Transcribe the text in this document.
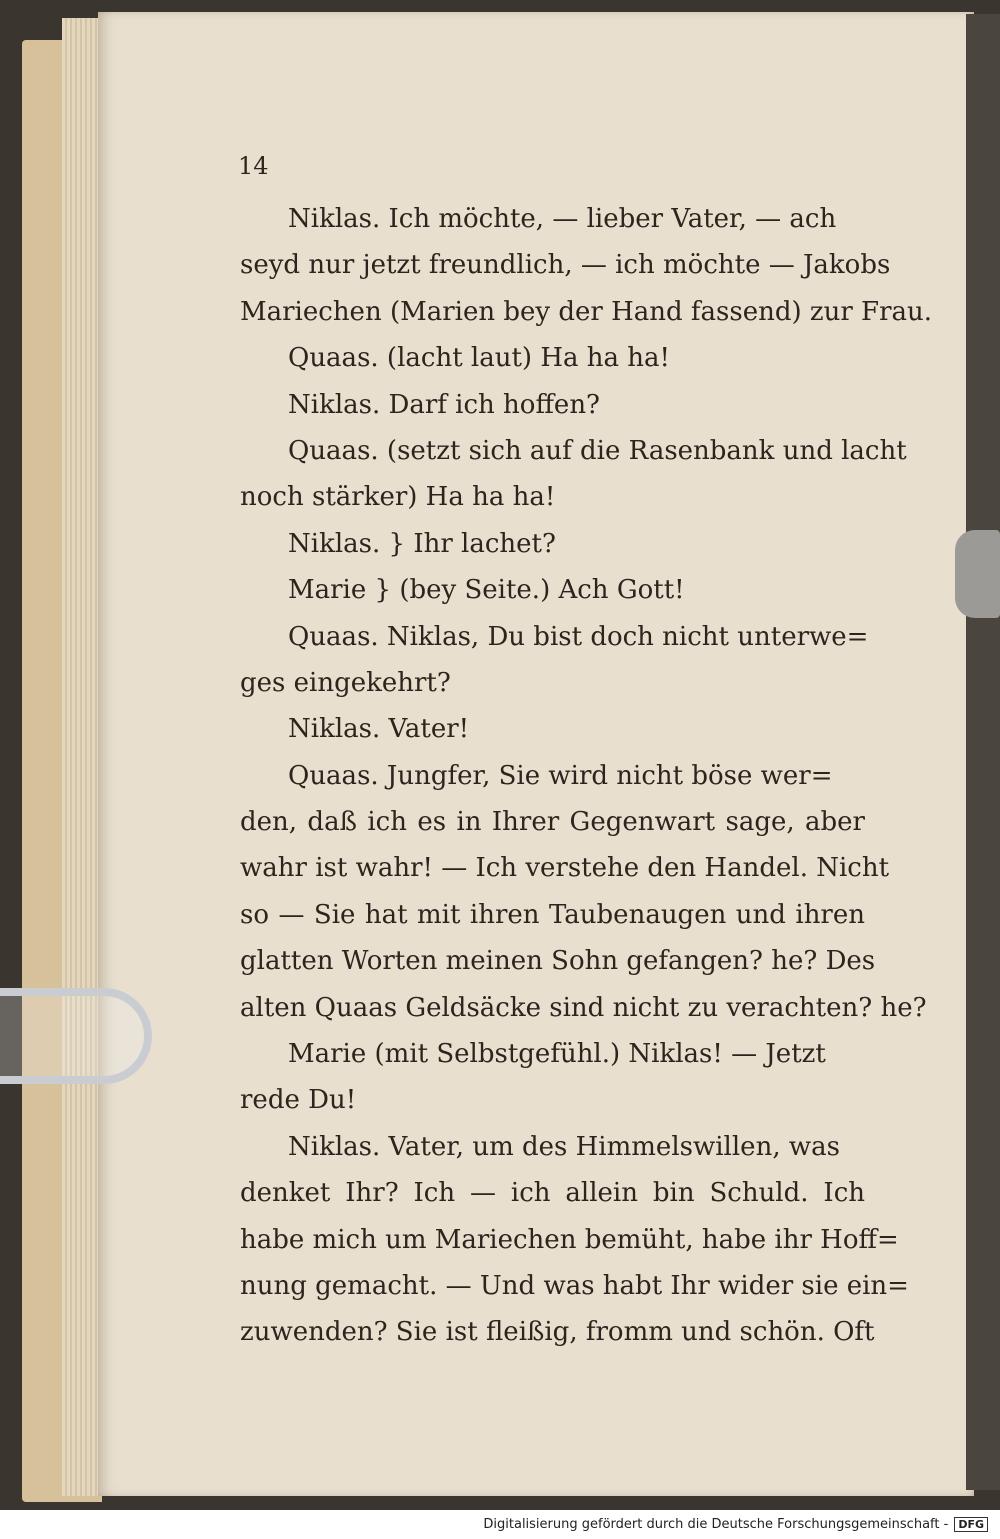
14
Niklas. Ich möchte, — lieber Vater, — ach
seyd nur jetzt freundlich, — ich möchte — Jakobs
Mariechen (Marien bey der Hand fassend) zur Frau.
Quaas. (lacht laut) Ha ha ha!
Niklas. Darf ich hoffen?
Quaas. (setzt sich auf die Rasenbank und lacht
noch stärker) Ha ha ha!
Niklas. } Ihr lachet?
Marie } (bey Seite.) Ach Gott!
Quaas. Niklas, Du bist doch nicht unterwe=
ges eingekehrt?
Niklas. Vater!
Quaas. Jungfer, Sie wird nicht böse wer=
den, daß ich es in Ihrer Gegenwart sage, aber
wahr ist wahr! — Ich verstehe den Handel. Nicht
so — Sie hat mit ihren Taubenaugen und ihren
glatten Worten meinen Sohn gefangen? he? Des
alten Quaas Geldsäcke sind nicht zu verachten? he?
Marie (mit Selbstgefühl.) Niklas! — Jetzt
rede Du!
Niklas. Vater, um des Himmelswillen, was
denket Ihr? Ich — ich allein bin Schuld. Ich
habe mich um Mariechen bemüht, habe ihr Hoff=
nung gemacht. — Und was habt Ihr wider sie ein=
zuwenden? Sie ist fleißig, fromm und schön. Oft
Digitalisierung gefördert durch die Deutsche Forschungsgemeinschaft - DFG
